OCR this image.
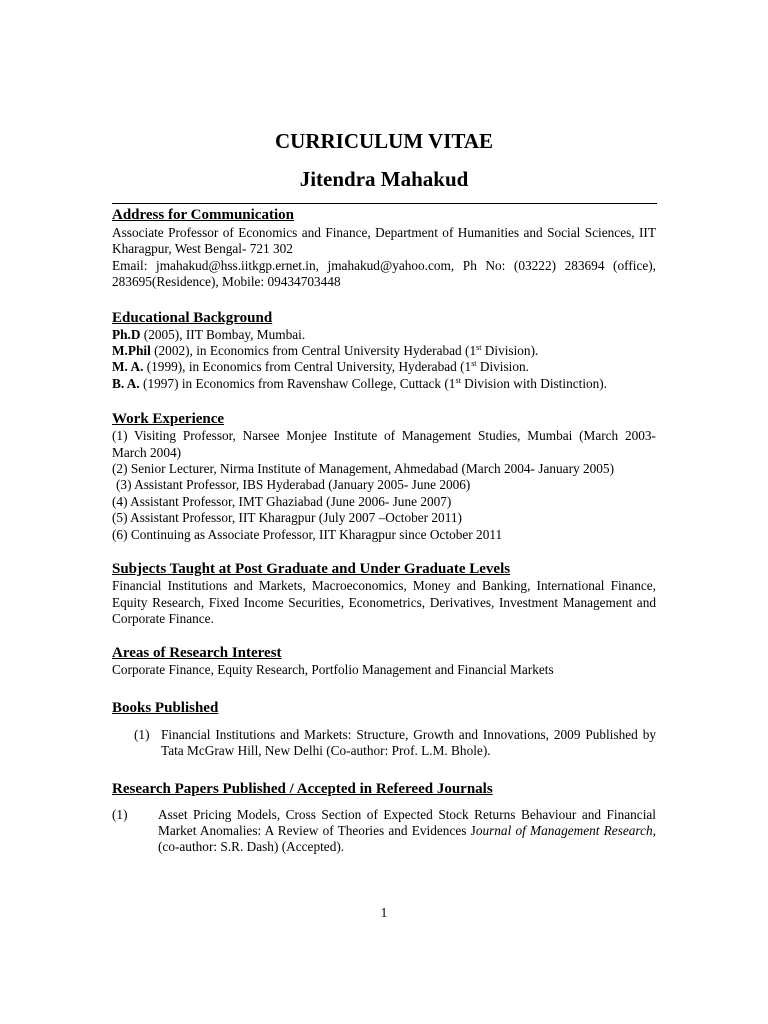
CURRICULUM VITAE
Jitendra Mahakud

Address for Communication

Associate Professor of Economics and Finance, Department of Humanities and Social Sciences, IIT Kharagpur, West Bengal- 721 302

Email: jmahakud@hss.iitkgp.ernet.in, jmahakud@yahoo.com, Ph No: (03222) 283694 (office), 283695(Residence), Mobile: 09434703448

Educational Background

Ph.D (2005), IIT Bombay, Mumbai.

M.Phil (2002), in Economics from Central University Hyderabad (1st Division).

M. A. (1999), in Economics from Central University, Hyderabad (1st Division.

B. A. (1997) in Economics from Ravenshaw College, Cuttack (1st Division with Distinction).

Work Experience

(1) Visiting Professor, Narsee Monjee Institute of Management Studies, Mumbai (March 2003- March 2004)

(2) Senior Lecturer, Nirma Institute of Management, Ahmedabad (March 2004- January 2005)

(3) Assistant Professor, IBS Hyderabad (January 2005- June 2006)

(4) Assistant Professor, IMT Ghaziabad (June 2006- June 2007)

(5) Assistant Professor, IIT Kharagpur (July 2007 –October 2011)

(6) Continuing as Associate Professor, IIT Kharagpur since October 2011

Subjects Taught at Post Graduate and Under Graduate Levels

Financial Institutions and Markets, Macroeconomics, Money and Banking, International Finance, Equity Research, Fixed Income Securities, Econometrics, Derivatives, Investment Management and Corporate Finance.

Areas of Research Interest

Corporate Finance, Equity Research, Portfolio Management and Financial Markets

Books Published

(1) Financial Institutions and Markets: Structure, Growth and Innovations, 2009 Published by Tata McGraw Hill, New Delhi (Co-author: Prof. L.M. Bhole).

Research Papers Published / Accepted in Refereed Journals

(1)	Asset Pricing Models, Cross Section of Expected Stock Returns Behaviour and Financial Market Anomalies: A Review of Theories and Evidences Journal of Management Research, (co-author: S.R. Dash) (Accepted).
1
